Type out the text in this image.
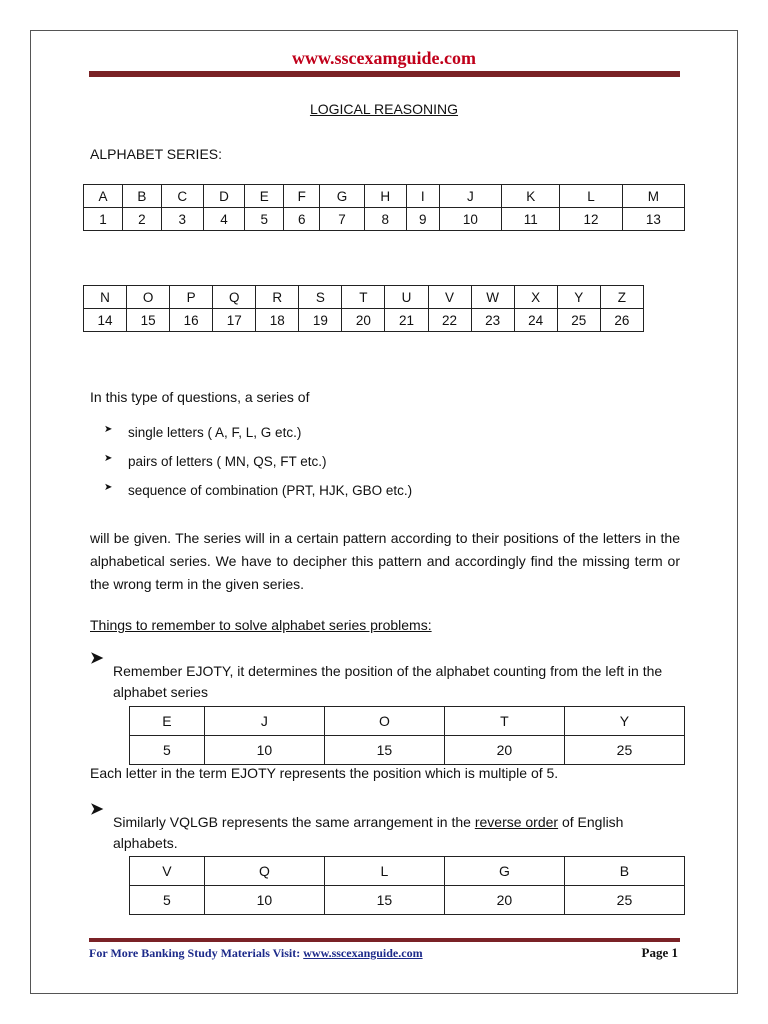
www.sscexamguide.com
LOGICAL REASONING
ALPHABET SERIES:
A	B	C	D	E	F	G	H	I	J	K	L	M
1	2	3	4	5	6	7	8	9	10	11	12	13
N	O	P	Q	R	S	T	U	V	W	X	Y	Z
14	15	16	17	18	19	20	21	22	23	24	25	26
In this type of questions, a series of
➤ single letters ( A, F, L, G etc.)
➤ pairs of letters ( MN, QS, FT etc.)
➤ sequence of combination (PRT, HJK, GBO etc.)
will be given. The series will in a certain pattern according to their positions of the letters in the alphabetical series. We have to decipher this pattern and accordingly find the missing term or the wrong term in the given series.
Things to remember to solve alphabet series problems:
➤
Remember EJOTY, it determines the position of the alphabet counting from the left in the alphabet series
E	J	O	T	Y
5	10	15	20	25
Each letter in the term EJOTY represents the position which is multiple of 5.
➤
Similarly VQLGB represents the same arrangement in the reverse order of English alphabets.
V	Q	L	G	B
5	10	15	20	25
For More Banking Study Materials Visit: www.sscexanguide.com	Page 1
